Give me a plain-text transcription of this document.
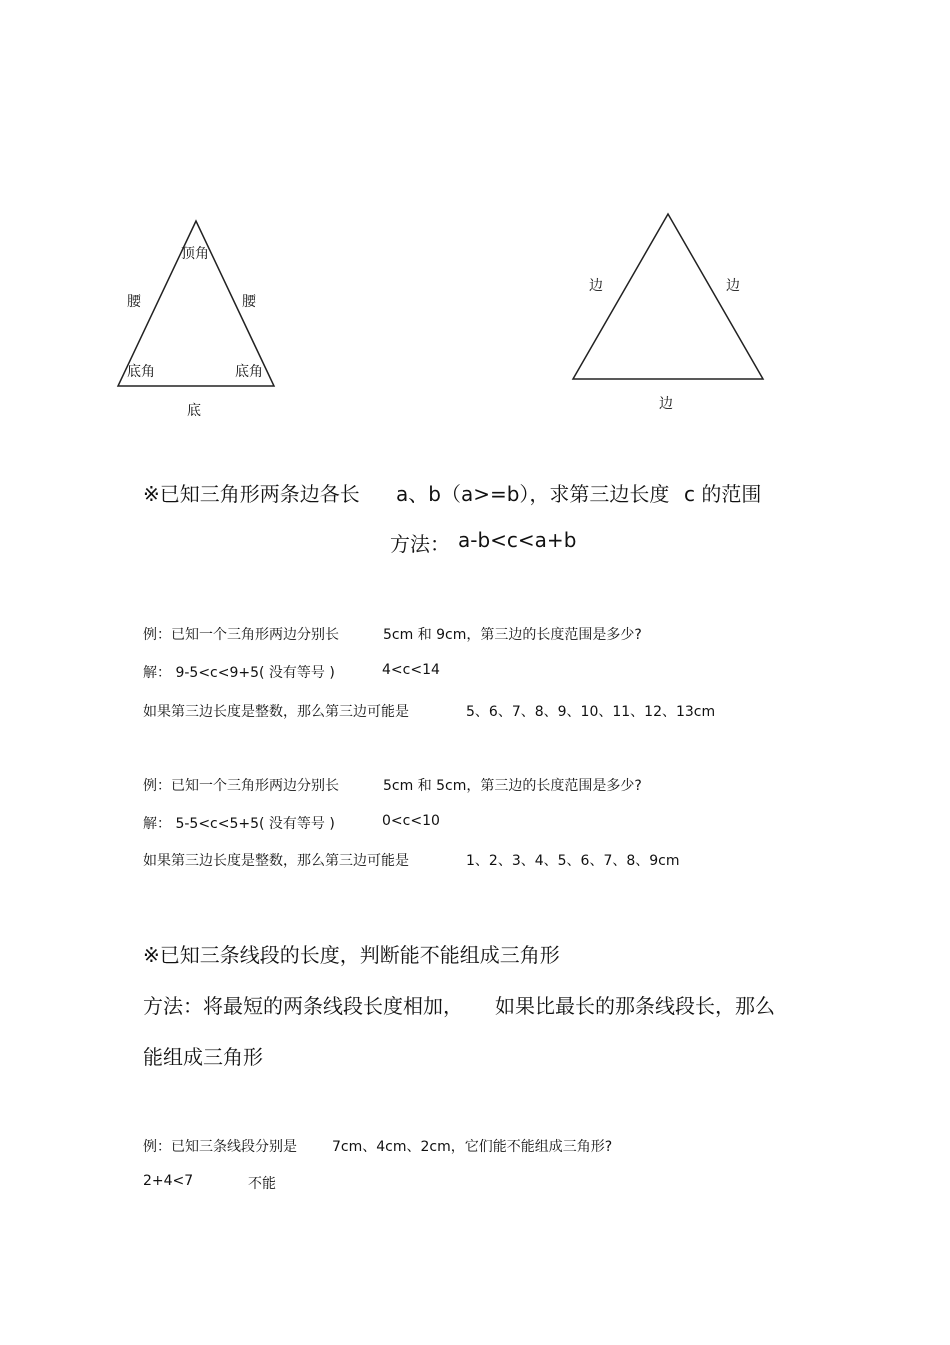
顶角
腰	腰
底角	底角
底
边	边
边
※已知三角形两条边各长 a、b（a>=b），求第三边长度 c 的范围
方法： a-b<c<a+b
例：已知一个三角形两边分别长	5cm 和 9cm，第三边的长度范围是多少?
解： 9-5<c<9+5( 没有等号 )	4<c<14
如果第三边长度是整数，那么第三边可能是	5、6、7、8、9、10、11、12、13cm
例：已知一个三角形两边分别长	5cm 和 5cm，第三边的长度范围是多少?
解： 5-5<c<5+5( 没有等号 )	0<c<10
如果第三边长度是整数，那么第三边可能是	1、2、3、4、5、6、7、8、9cm
※已知三条线段的长度，判断能不能组成三角形
方法：将最短的两条线段长度相加， 如果比最长的那条线段长，那么
能组成三角形
例：已知三条线段分别是	7cm、4cm、2cm，它们能不能组成三角形?
2+4<7	不能
